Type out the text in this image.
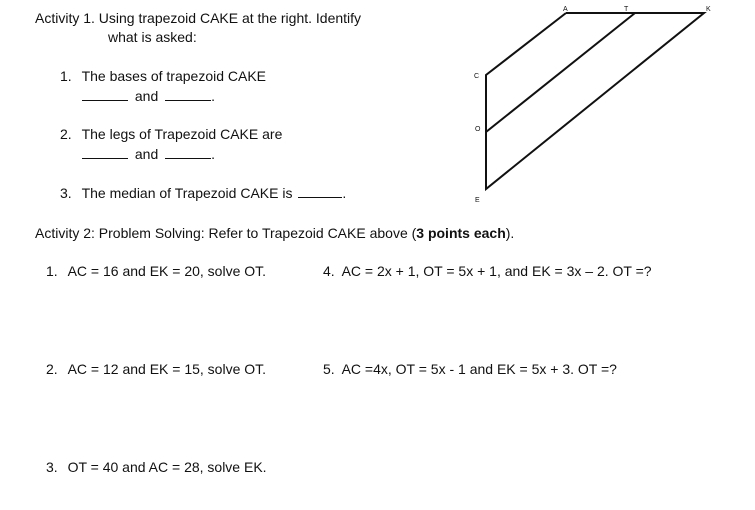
Activity 1. Using trapezoid CAKE at the right. Identify
what is asked:
1. The bases of trapezoid CAKE
and	.
2. The legs of Trapezoid CAKE are
and	.
3. The median of Trapezoid CAKE is	.
A	T	K
C
O
E
Activity 2: Problem Solving: Refer to Trapezoid CAKE above (3 points each).
1. AC = 16 and EK = 20, solve OT.	4. AC = 2x + 1, OT = 5x + 1, and EK = 3x – 2. OT =?
2. AC = 12 and EK = 15, solve OT.	5. AC =4x, OT = 5x - 1 and EK = 5x + 3. OT =?
3. OT = 40 and AC = 28, solve EK.
